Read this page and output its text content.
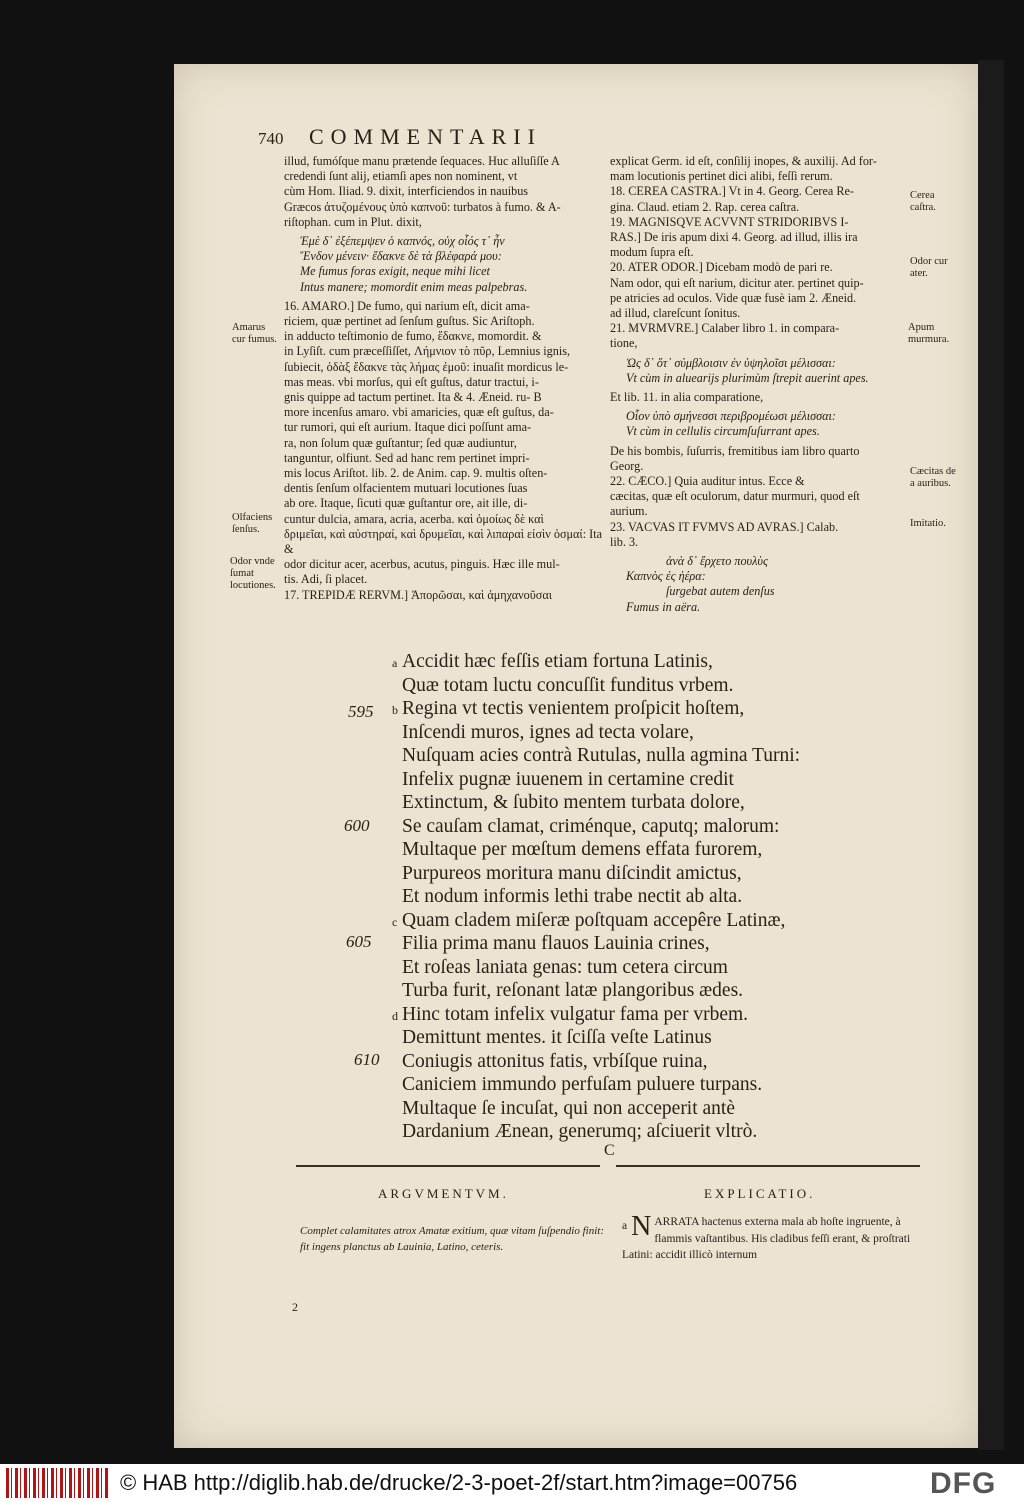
740 COMMENTARII

illud, fumóſque manu prætende ſequaces. Huc alluſiſſe A

credendi ſunt alij, etiamſi apes non nominent, vt

cùm Hom. Iliad. 9. dixit, interficiendos in nauibus

Græcos ἀτυζομένους ὑπὸ καπνοῦ: turbatos à fumo. & A-

riſtophan. cum in Plut. dixit,

Ἐμὲ δ᾽ ἐξέπεμψεν ὁ καπνός, οὐχ οἷός τ᾽ ἦν

Ἔνδον μένειν· ἔδακνε δὲ τὰ βλέφαρά μου:

Me fumus foras exigit, neque mihi licet

Intus manere; momordit enim meas palpebras.

16. AMARO.] De fumo, qui narium eſt, dicit ama-

riciem, quæ pertinet ad ſenſum guſtus. Sic Ariſtoph.

in adducto teſtimonio de fumo, ἔδακνε, momordit. &

in Lyſiſt. cum præceſſiſſet, Λήμνιον τὸ πῦρ, Lemnius ignis,

ſubiecit, ὀδὰξ ἔδακνε τὰς λήμας ἐμοῦ: inuaſit mordicus le-

mas meas. vbi morſus, qui eſt guſtus, datur tractui, i-

gnis quippe ad tactum pertinet. Ita & 4. Æneid. ru- B

more incenſus amaro. vbi amaricies, quæ eſt guſtus, da-

tur rumori, qui eſt aurium. Itaque dici poſſunt ama-

ra, non ſolum quæ guſtantur; ſed quæ audiuntur,

tanguntur, olfiunt. Sed ad hanc rem pertinet impri-

mis locus Ariſtot. lib. 2. de Anim. cap. 9. multis oſten-

dentis ſenſum olfacientem mutuari locutiones ſuas

ab ore. Itaque, ſicuti quæ guſtantur ore, ait ille, di-

cuntur dulcia, amara, acria, acerba. καὶ ὁμοίως δὲ καὶ

δριμεῖαι, καὶ αὐστηραί, καὶ δρυμεῖαι, καὶ λιπαραὶ εἰσὶν ὀσμαί: Ita &

odor dicitur acer, acerbus, acutus, pinguis. Hæc ille mul-

tis. Adi, ſi placet.

17. TREPIDÆ RERVM.] Ἀπορῶσαι, καὶ ἀμηχανοῦσαι

explicat Germ. id eſt, conſilij inopes, & auxilij. Ad for-

mam locutionis pertinet dici alibi, feſſi rerum.

18. CEREA CASTRA.] Vt in 4. Georg. Cerea Re-

gina. Claud. etiam 2. Rap. cerea caſtra.

19. MAGNISQVE ACVVNT STRIDORIBVS I-

RAS.] De iris apum dixi 4. Georg. ad illud, illis ira

modum ſupra eſt.

20. ATER ODOR.] Dicebam modò de pari re.

Nam odor, qui eſt narium, dicitur ater. pertinet quip-

pe atricies ad oculos. Vide quæ fusè iam 2. Æneid.

ad illud, clareſcunt ſonitus.

21. MVRMVRE.] Calaber libro 1. in compara-

tione,

Ὡς δ᾽ ὅτ᾽ σύμβλοισιν ἐν ὑψηλοῖσι μέλισσαι:

Vt cùm in aluearijs plurimùm ſtrepit auerint apes.

Et lib. 11. in alia comparatione,

Οἷον ὑπὸ σμήνεσσι περιβρομέωσι μέλισσαι:

Vt cùm in cellulis circumſuſurrant apes.

De his bombis, ſuſurris, fremitibus iam libro quarto

Georg.

22. CÆCO.] Quia auditur intus. Ecce &

cæcitas, quæ eſt oculorum, datur murmuri, quod eſt

aurium.

23. VACVAS IT FVMVS AD AVRAS.] Calab.

lib. 3.

ἀνὰ δ᾽ ἔρχετο πουλὺς

Καπνὸς ἐς ἠέρα:

ſurgebat autem denſus

Fumus in aëra.

Amarus cur fumus.
Olfaciens ſenſus.
Odor vnde ſumat locutiones.
Cerea caſtra.
Odor cur ater.
Apum murmura.
Cæcitas de a auribus.
Imitatio.
a Accidit hæc feſſis etiam fortuna Latinis,
Quæ totam luctu concuſſit funditus vrbem.
b Regina vt tectis venientem proſpicit hoſtem,
Inſcendi muros, ignes ad tecta volare,
Nuſquam acies contrà Rutulas, nulla agmina Turni:
Infelix pugnæ iuuenem in certamine credit
Extinctum, & ſubito mentem turbata dolore,
Se cauſam clamat, criménque, caputq; malorum:
Multaque per mœſtum demens effata furorem,
Purpureos moritura manu diſcindit amictus,
Et nodum informis lethi trabe nectit ab alta.
c Quam cladem miſeræ poſtquam accepêre Latinæ,
Filia prima manu flauos Lauinia crines,
Et roſeas laniata genas: tum cetera circum
Turba furit, reſonant latæ plangoribus ædes.
d Hinc totam infelix vulgatur fama per vrbem.
Demittunt mentes. it ſciſſa veſte Latinus
Coniugis attonitus fatis, vrbíſque ruina,
Caniciem immundo perfuſam puluere turpans.
Multaque ſe incuſat, qui non acceperit antè
Dardanium Ænean, generumq; aſciuerit vltrò.
595
600
605
610
C
ARGVMENTVM.	EXPLICATIO.
Complet calamitates atrox Amatæ exitium, quæ vitam ſuſpendio finit: fit ingens planctus ab Lauinia, Latino, ceteris.
a N ARRATA hactenus externa mala ab hoſte ingruente, à flammis vaſtantibus. His cladibus feſſi erant, & proſtrati Latini: accidit illicò internum
2
© HAB http://diglib.hab.de/drucke/2-3-poet-2f/start.htm?image=00756	DFG
